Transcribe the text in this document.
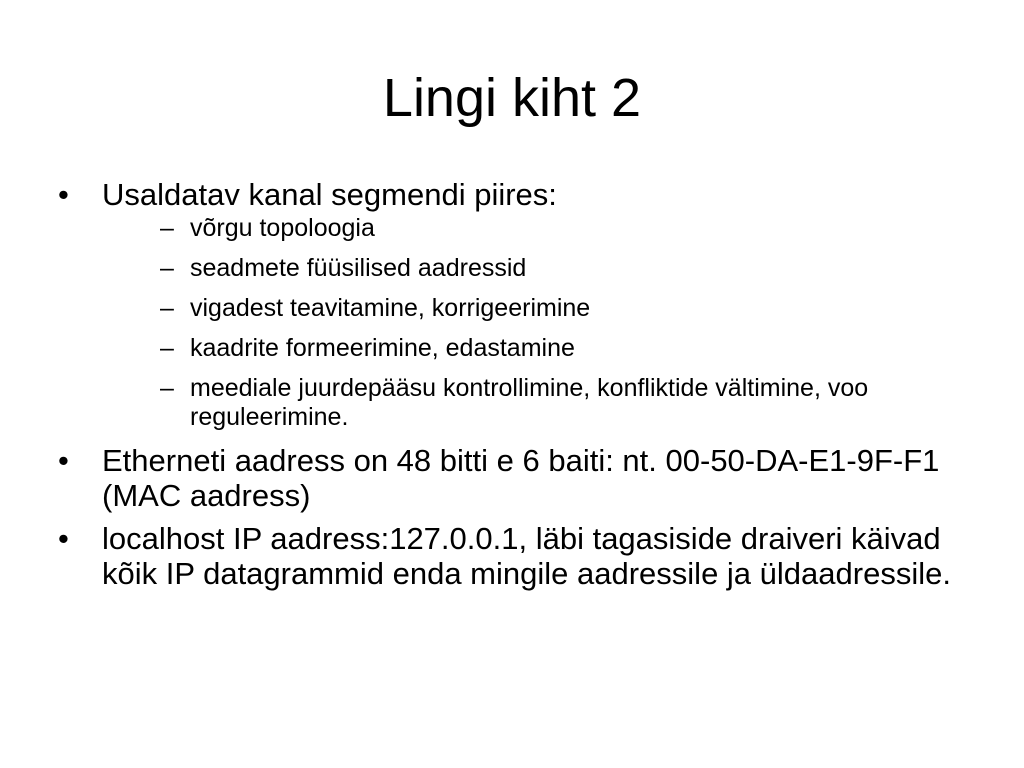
Lingi kiht 2
• Usaldatav kanal segmendi piires:
– võrgu topoloogia
– seadmete füüsilised aadressid
– vigadest teavitamine, korrigeerimine
– kaadrite formeerimine, edastamine
– meediale juurdepääsu kontrollimine, konfliktide vältimine, voo reguleerimine.
• Etherneti aadress on 48 bitti e 6 baiti: nt. 00-50-DA-E1-9F-F1 (MAC aadress)
• localhost IP aadress:127.0.0.1, läbi tagasiside draiveri käivad kõik IP datagrammid enda mingile aadressile ja üldaadressile.
